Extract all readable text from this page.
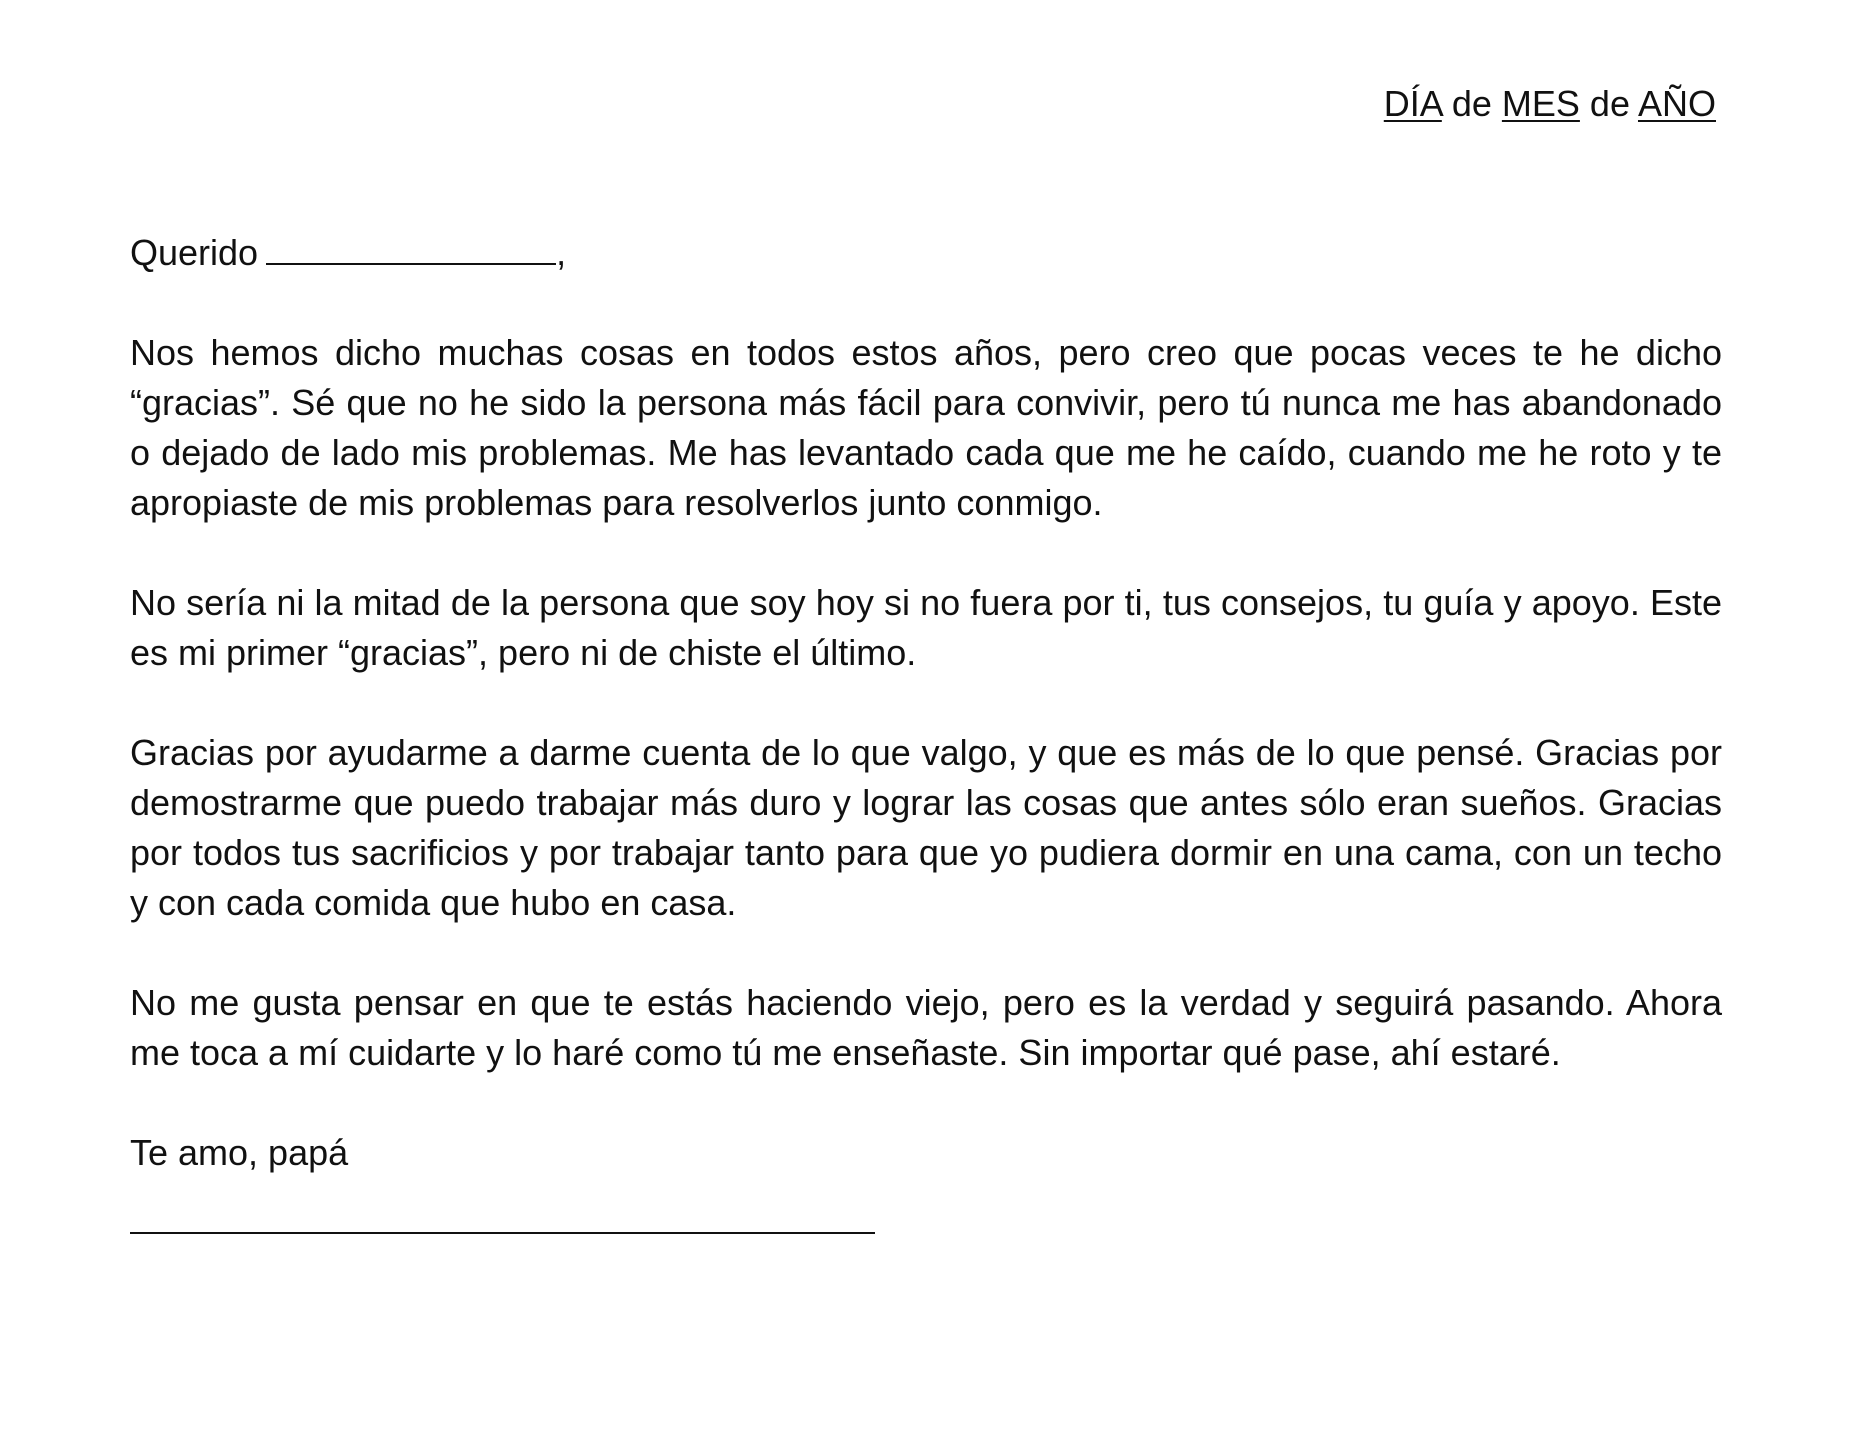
DÍA de MES de AÑO

Querido	,

Nos hemos dicho muchas cosas en todos estos años, pero creo que pocas veces te he dicho “gracias”. Sé que no he sido la persona más fácil para convivir, pero tú nunca me has abandonado o dejado de lado mis problemas. Me has levantado cada que me he caído, cuando me he roto y te apropiaste de mis problemas para resolverlos junto conmigo.

No sería ni la mitad de la persona que soy hoy si no fuera por ti, tus consejos, tu guía y apoyo. Este es mi primer “gracias”, pero ni de chiste el último.

Gracias por ayudarme a darme cuenta de lo que valgo, y que es más de lo que pensé. Gracias por demostrarme que puedo trabajar más duro y lograr las cosas que antes sólo eran sueños. Gracias por todos tus sacrificios y por trabajar tanto para que yo pudiera dormir en una cama, con un techo y con cada comida que hubo en casa.

No me gusta pensar en que te estás haciendo viejo, pero es la verdad y seguirá pasando. Ahora me toca a mí cuidarte y lo haré como tú me enseñaste. Sin importar qué pase, ahí estaré.

Te amo, papá
